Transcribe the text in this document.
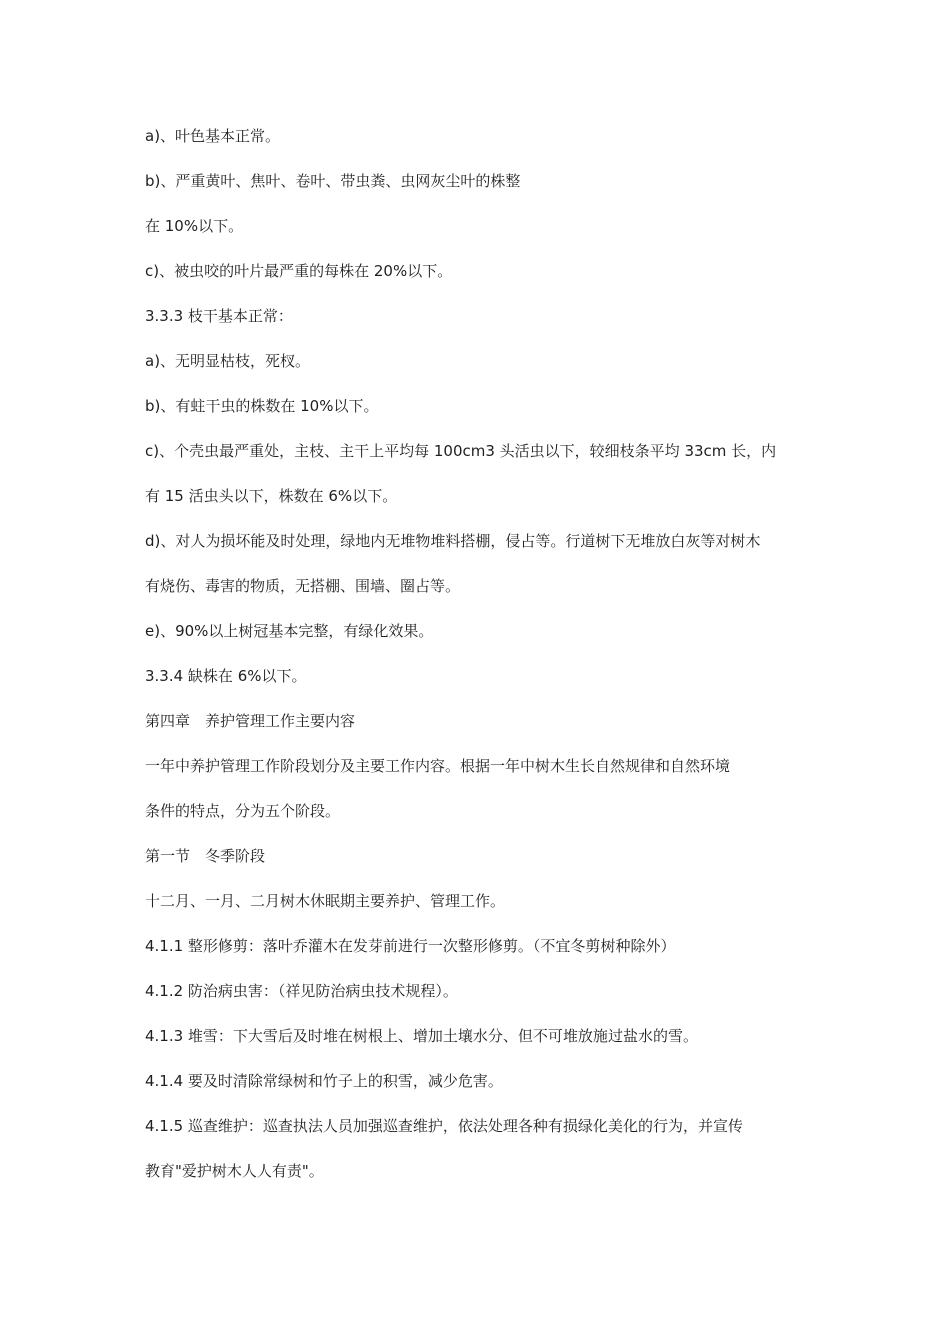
a)、叶色基本正常。
b)、严重黄叶、焦叶、卷叶、带虫粪、虫网灰尘叶的株整
在 10%以下。
c)、被虫咬的叶片最严重的每株在 20%以下。
3.3.3 枝干基本正常：
a)、无明显枯枝，死杈。
b)、有蛀干虫的株数在 10%以下。
c)、个壳虫最严重处，主枝、主干上平均每 100cm3 头活虫以下，较细枝条平均 33cm 长，内
有 15 活虫头以下，株数在 6%以下。
d)、对人为损坏能及时处理，绿地内无堆物堆料搭棚，侵占等。行道树下无堆放白灰等对树木
有烧伤、毒害的物质，无搭棚、围墙、圈占等。
e)、90%以上树冠基本完整，有绿化效果。
3.3.4 缺株在 6%以下。
第四章　养护管理工作主要内容
一年中养护管理工作阶段划分及主要工作内容。根据一年中树木生长自然规律和自然环境
条件的特点，分为五个阶段。
第一节　冬季阶段
十二月、一月、二月树木休眠期主要养护、管理工作。
4.1.1 整形修剪：落叶乔灌木在发芽前进行一次整形修剪。（不宜冬剪树种除外）
4.1.2 防治病虫害：（祥见防治病虫技术规程）。
4.1.3 堆雪：下大雪后及时堆在树根上、增加土壤水分、但不可堆放施过盐水的雪。
4.1.4 要及时清除常绿树和竹子上的积雪，减少危害。
4.1.5 巡查维护：巡查执法人员加强巡查维护，依法处理各种有损绿化美化的行为，并宣传
教育"爱护树木人人有责"。
